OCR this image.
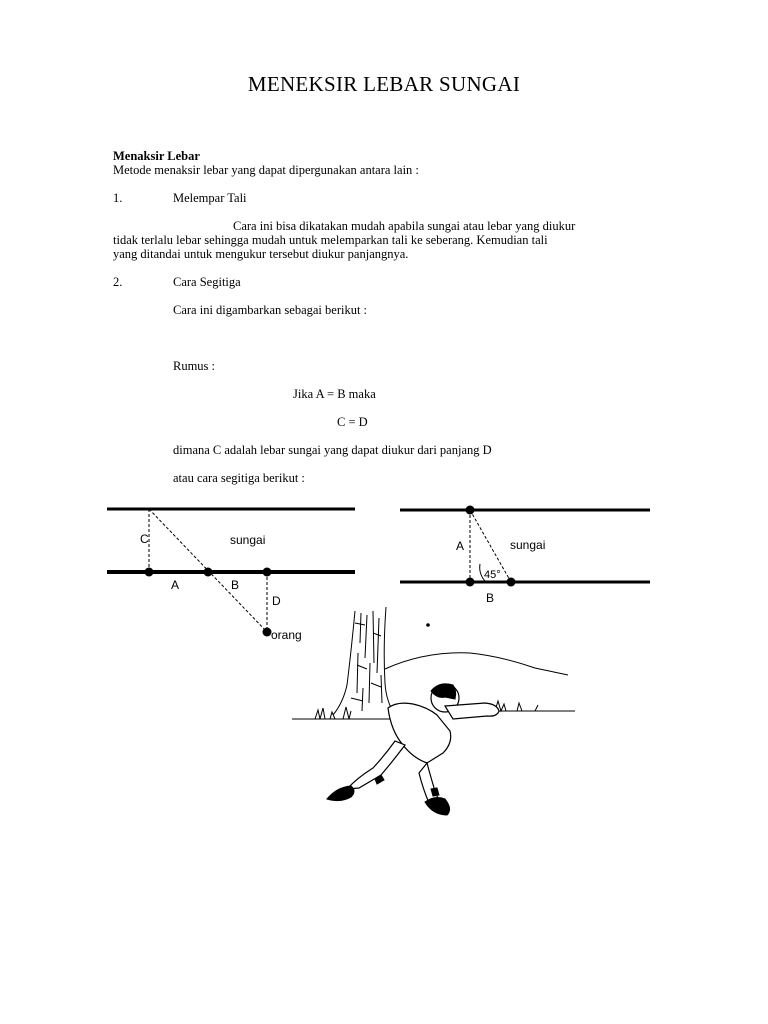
MENEKSIR LEBAR SUNGAI
Menaksir Lebar
Metode menaksir lebar yang dapat dipergunakan antara lain :
1.	Melempar Tali
Cara ini bisa dikatakan mudah apabila sungai atau lebar yang diukur
tidak terlalu lebar sehingga mudah untuk melemparkan tali ke seberang. Kemudian tali
yang ditandai untuk mengukur tersebut diukur panjangnya.
2.	Cara Segitiga
Cara ini digambarkan sebagai berikut :
Rumus :
Jika A = B maka
C = D
dimana C adalah lebar sungai yang dapat diukur dari panjang D
atau cara segitiga berikut :
C	sungai
A	B
D
orang
A	sungai
45°
B
